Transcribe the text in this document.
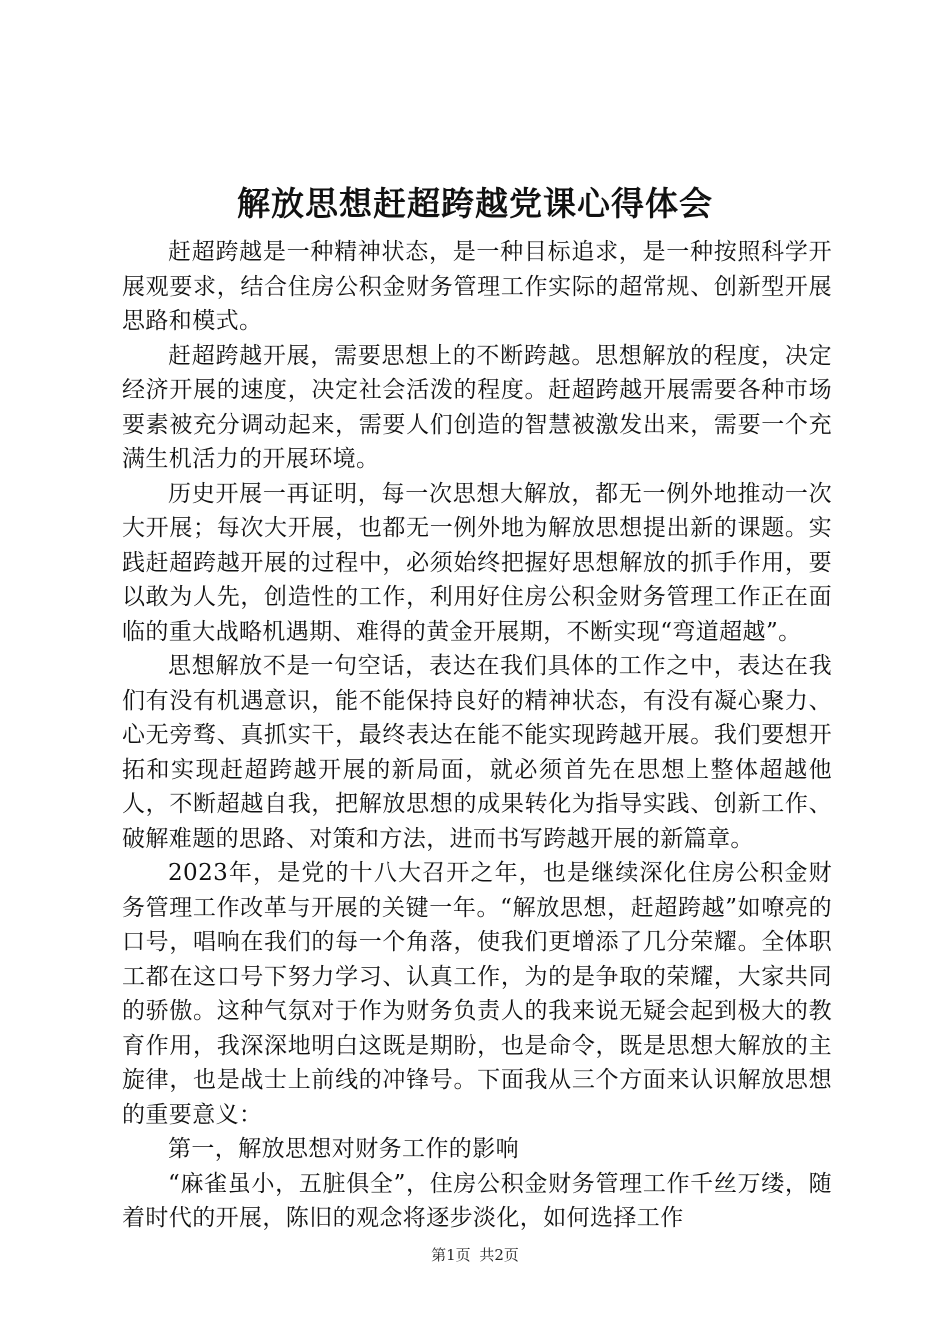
解放思想赶超跨越党课心得体会

赶超跨越是一种精神状态，是一种目标追求，是一种按照科学开展观要求，结合住房公积金财务管理工作实际的超常规、创新型开展思路和模式。

赶超跨越开展，需要思想上的不断跨越。思想解放的程度，决定经济开展的速度，决定社会活泼的程度。赶超跨越开展需要各种市场要素被充分调动起来，需要人们创造的智慧被激发出来，需要一个充满生机活力的开展环境。

历史开展一再证明，每一次思想大解放，都无一例外地推动一次大开展；每次大开展，也都无一例外地为解放思想提出新的课题。实践赶超跨越开展的过程中，必须始终把握好思想解放的抓手作用，要以敢为人先，创造性的工作，利用好住房公积金财务管理工作正在面临的重大战略机遇期、难得的黄金开展期，不断实现“弯道超越”。

思想解放不是一句空话，表达在我们具体的工作之中，表达在我们有没有机遇意识，能不能保持良好的精神状态，有没有凝心聚力、心无旁骛、真抓实干，最终表达在能不能实现跨越开展。我们要想开拓和实现赶超跨越开展的新局面，就必须首先在思想上整体超越他人，不断超越自我，把解放思想的成果转化为指导实践、创新工作、破解难题的思路、对策和方法，进而书写跨越开展的新篇章。

2023年，是党的十八大召开之年，也是继续深化住房公积金财务管理工作改革与开展的关键一年。“解放思想，赶超跨越”如嘹亮的口号，唱响在我们的每一个角落，使我们更增添了几分荣耀。全体职工都在这口号下努力学习、认真工作，为的是争取的荣耀，大家共同的骄傲。这种气氛对于作为财务负责人的我来说无疑会起到极大的教育作用，我深深地明白这既是期盼，也是命令，既是思想大解放的主旋律，也是战士上前线的冲锋号。下面我从三个方面来认识解放思想的重要意义：

第一，解放思想对财务工作的影响

“麻雀虽小，五脏俱全”，住房公积金财务管理工作千丝万缕，随着时代的开展，陈旧的观念将逐步淡化，如何选择工作

第1页 共2页
